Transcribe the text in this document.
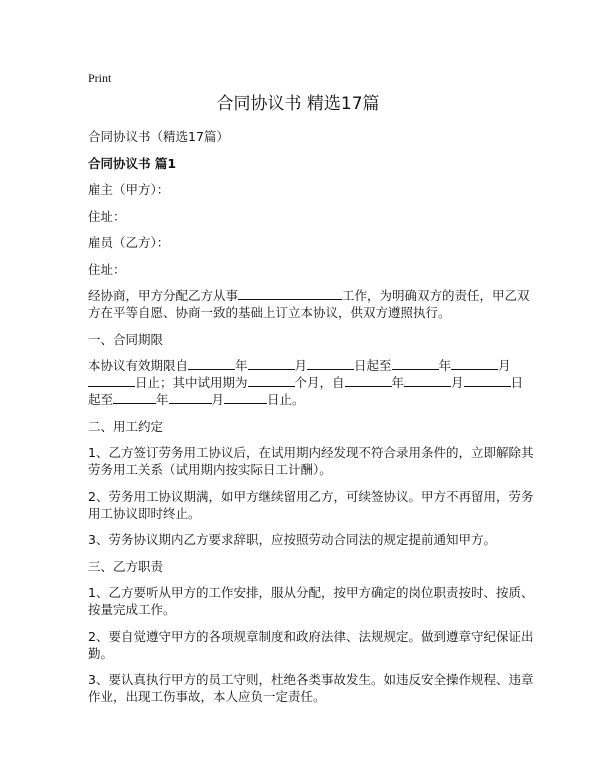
Print
合同协议书 精选17篇

合同协议书（精选17篇）

合同协议书 篇1

雇主（甲方）：

住址：

雇员（乙方）：

住址：

经协商，甲方分配乙方从事	工作，为明确双方的责任，甲乙双
方在平等自愿、协商一致的基础上订立本协议，供双方遵照执行。

一、合同期限

本协议有效期限自	年	月	日起至	年	月
日止；其中试用期为	个月，自	年	月	日
起至	年	月	日止。

二、用工约定

1、乙方签订劳务用工协议后，在试用期内经发现不符合录用条件的，立即解除其
劳务用工关系（试用期内按实际日工计酬）。

2、劳务用工协议期满，如甲方继续留用乙方，可续签协议。甲方不再留用，劳务
用工协议即时终止。

3、劳务协议期内乙方要求辞职，应按照劳动合同法的规定提前通知甲方。

三、乙方职责

1、乙方要听从甲方的工作安排，服从分配，按甲方确定的岗位职责按时、按质、
按量完成工作。

2、要自觉遵守甲方的各项规章制度和政府法律、法规规定。做到遵章守纪保证出
勤。

3、要认真执行甲方的员工守则，杜绝各类事故发生。如违反安全操作规程、违章
作业，出现工伤事故，本人应负一定责任。
